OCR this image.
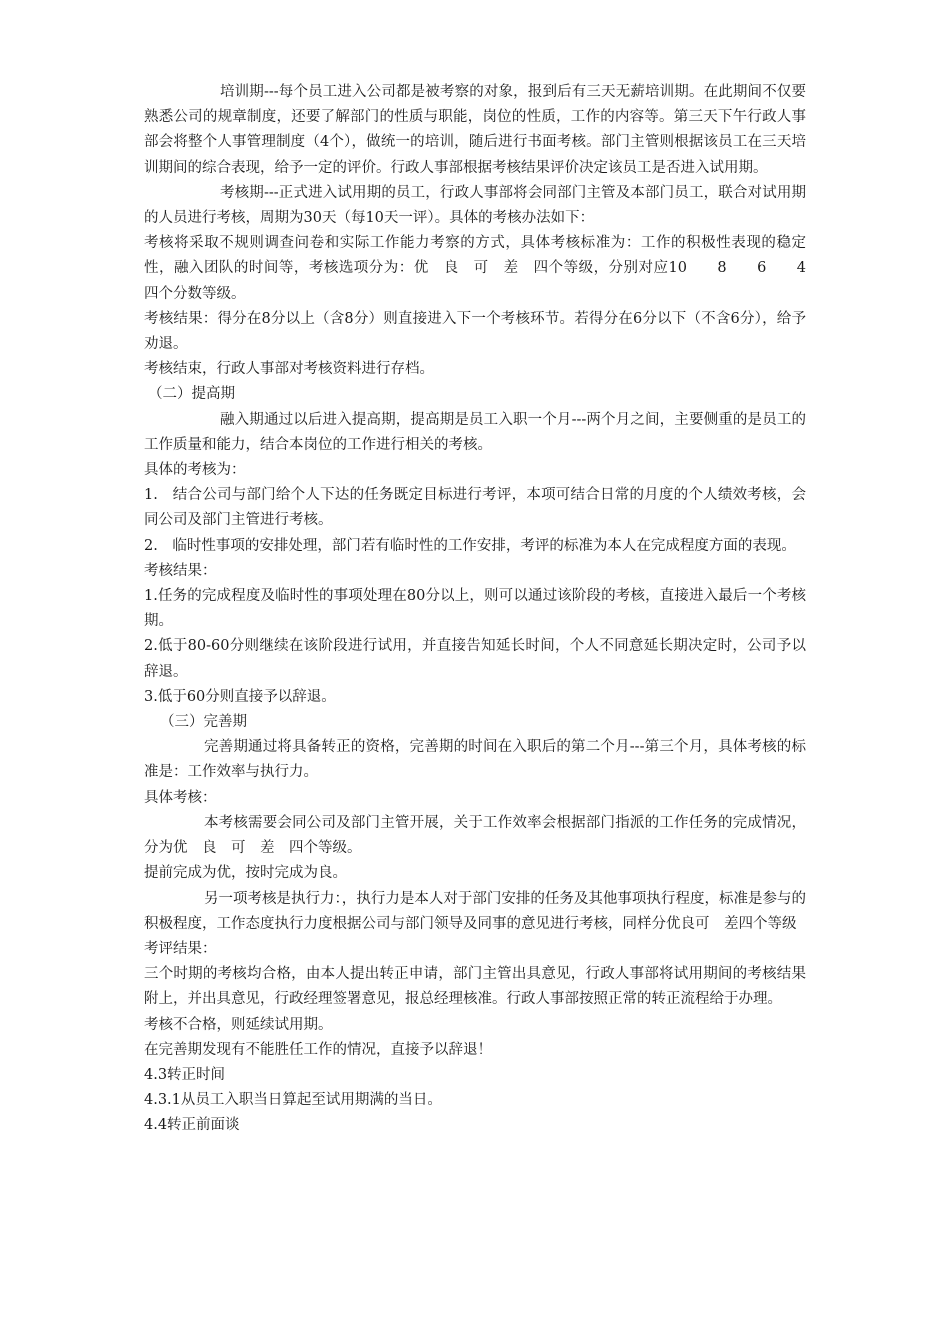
培训期---每个员工进入公司都是被考察的对象，报到后有三天无薪培训期。在此期间不仅要熟悉公司的规章制度，还要了解部门的性质与职能，岗位的性质，工作的内容等。第三天下午行政人事部会将整个人事管理制度（4个），做统一的培训，随后进行书面考核。部门主管则根据该员工在三天培训期间的综合表现，给予一定的评价。行政人事部根据考核结果评价决定该员工是否进入试用期。

考核期---正式进入试用期的员工，行政人事部将会同部门主管及本部门员工，联合对试用期的人员进行考核，周期为30天（每10天一评）。具体的考核办法如下：

考核将采取不规则调查问卷和实际工作能力考察的方式，具体考核标准为：工作的积极性表现的稳定性，融入团队的时间等，考核选项分为：优　良　可　差　四个等级，分别对应10　　8　　6　　4　四个分数等级。

考核结果：得分在8分以上（含8分）则直接进入下一个考核环节。若得分在6分以下（不含6分），给予劝退。

考核结束，行政人事部对考核资料进行存档。

（二）提高期

融入期通过以后进入提高期，提高期是员工入职一个月---两个月之间，主要侧重的是员工的工作质量和能力，结合本岗位的工作进行相关的考核。

具体的考核为：

1.　结合公司与部门给个人下达的任务既定目标进行考评，本项可结合日常的月度的个人绩效考核，会同公司及部门主管进行考核。

2.　临时性事项的安排处理，部门若有临时性的工作安排，考评的标准为本人在完成程度方面的表现。

考核结果：

1.任务的完成程度及临时性的事项处理在80分以上，则可以通过该阶段的考核，直接进入最后一个考核期。

2.低于80-60分则继续在该阶段进行试用，并直接告知延长时间，个人不同意延长期决定时，公司予以辞退。

3.低于60分则直接予以辞退。

（三）完善期

完善期通过将具备转正的资格，完善期的时间在入职后的第二个月---第三个月，具体考核的标准是：工作效率与执行力。

具体考核：

本考核需要会同公司及部门主管开展，关于工作效率会根据部门指派的工作任务的完成情况，分为优　良　可　差　四个等级。

提前完成为优，按时完成为良。

另一项考核是执行力：，执行力是本人对于部门安排的任务及其他事项执行程度，标准是参与的积极程度，工作态度执行力度根据公司与部门领导及同事的意见进行考核，同样分优良可　差四个等级

考评结果：

三个时期的考核均合格，由本人提出转正申请，部门主管出具意见，行政人事部将试用期间的考核结果附上，并出具意见，行政经理签署意见，报总经理核准。行政人事部按照正常的转正流程给于办理。

考核不合格，则延续试用期。

在完善期发现有不能胜任工作的情况，直接予以辞退！

4.3转正时间

4.3.1从员工入职当日算起至试用期满的当日。

4.4转正前面谈
